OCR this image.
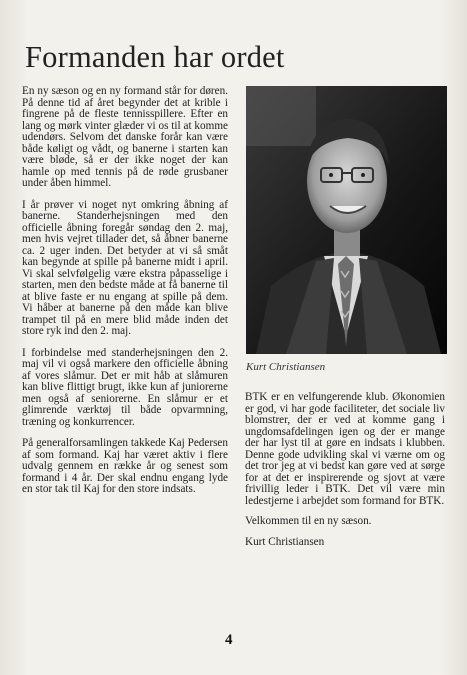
Formanden har ordet

En ny sæson og en ny formand står for døren. På denne tid af året begynder det at krible i fingrene på de fleste tennisspillere. Efter en lang og mørk vinter glæder vi os til at komme udendørs. Selvom det danske forår kan være både køligt og vådt, og banerne i starten kan være bløde, så er der ikke noget der kan hamle op med tennis på de røde grusbaner under åben himmel.

I år prøver vi noget nyt omkring åbning af banerne. Standerhejsningen med den officielle åbning foregår søndag den 2. maj, men hvis vejret tillader det, så åbner banerne ca. 2 uger inden. Det betyder at vi så småt kan begynde at spille på banerne midt i april. Vi skal selvfølgelig være ekstra påpasselige i starten, men den bedste måde at få banerne til at blive faste er nu engang at spille på dem. Vi håber at banerne på den måde kan blive trampet til på en mere blid måde inden det store ryk ind den 2. maj.

I forbindelse med standerhejsningen den 2. maj vil vi også markere den officielle åbning af vores slåmur. Det er mit håb at slåmuren kan blive flittigt brugt, ikke kun af juniorerne men også af seniorerne. En slåmur er et glimrende værktøj til både opvarmning, træning og konkurrencer.

På generalforsamlingen takkede Kaj Pedersen af som formand. Kaj har været aktiv i flere udvalg gennem en række år og senest som formand i 4 år. Der skal endnu engang lyde en stor tak til Kaj for den store indsats.

Kurt Christiansen

BTK er en velfungerende klub. Økonomien er god, vi har gode faciliteter, det sociale liv blomstrer, der er ved at komme gang i ungdomsafdelingen igen og der er mange der har lyst til at gøre en indsats i klubben. Denne gode udvikling skal vi værne om og det tror jeg at vi bedst kan gøre ved at sørge for at det er inspirerende og sjovt at være frivillig leder i BTK. Det vil være min ledestjerne i arbejdet som formand for BTK.

Velkommen til en ny sæson.

Kurt Christiansen

4
